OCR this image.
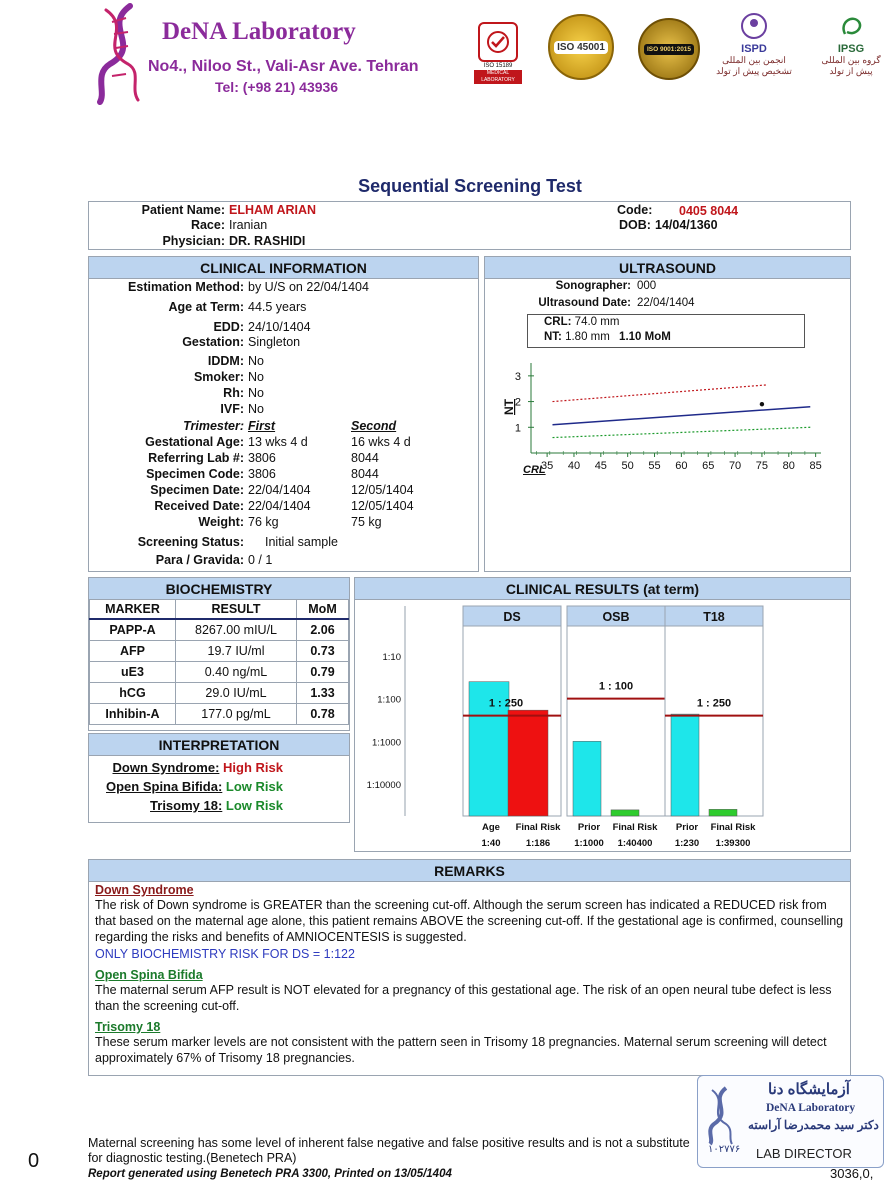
DeNA Laboratory
No4., Niloo St., Vali-Asr Ave. Tehran
Tel: (+98 21) 43936
ISO 15189
MEDICAL LABORATORY
ISO 45001	ISO 9001:2015	ISPD
انجمن بین المللی تشخیص پیش از تولد
IPSG
گروه بین المللی پیش از تولد
Sequential Screening Test
Patient Name: ELHAM ARIAN
Race: Iranian
Physician: DR. RASHIDI
Code: 0405 8044
DOB: 14/04/1360
CLINICAL INFORMATION
Estimation Method: by U/S on 22/04/1404
Age at Term: 44.5 years
EDD: 24/10/1404
Gestation: Singleton
IDDM: No
Smoker: No
Rh: No
IVF: No
Trimester: First	Second
Gestational Age: 13 wks 4 d	16 wks 4 d
Referring Lab #: 3806	8044
Specimen Code: 3806	8044
Specimen Date: 22/04/1404	12/05/1404
Received Date: 22/04/1404	12/05/1404
Weight: 76 kg	75 kg
Screening Status: Initial sample
Para / Gravida: 0 / 1
ULTRASOUND
Sonographer: 000
Ultrasound Date: 22/04/1404
CRL: 74.0 mm
NT: 1.80 mm 1.10 MoM
1
2
3
35 40 45 50 55 60 65 70 75 80 85
NT
CRL
BIOCHEMISTRY
MARKER	RESULT	MoM
PAPP-A	8267.00 mIU/L	2.06
AFP	19.7 IU/ml	0.73
uE3	0.40 ng/mL	0.79
hCG	29.0 IU/mL	1.33
Inhibin-A	177.0 pg/mL	0.78
INTERPRETATION
Down Syndrome: High Risk
Open Spina Bifida: Low Risk
Trisomy 18: Low Risk
CLINICAL RESULTS (at term)
1:10
1:100
1:1000
1:10000
DS
Age
1:40
Final Risk
1:186
1 : 250
OSB
Prior
1:1000
Final Risk
1:40400
1 : 100
T18
Prior
1:230
Final Risk
1:39300
1 : 250
REMARKS
Down Syndrome
The risk of Down syndrome is GREATER than the screening cut-off. Although the serum screen has indicated a REDUCED risk from that based on the maternal age alone, this patient remains ABOVE the screening cut-off. If the gestational age is confirmed, counselling regarding the risks and benefits of AMNIOCENTESIS is suggested.
ONLY BIOCHEMISTRY RISK FOR DS = 1:122
Open Spina Bifida
The maternal serum AFP result is NOT elevated for a pregnancy of this gestational age. The risk of an open neural tube defect is less than the screening cut-off.
Trisomy 18
These serum marker levels are not consistent with the pattern seen in Trisomy 18 pregnancies. Maternal serum screening will detect approximately 67% of Trisomy 18 pregnancies.
0
Maternal screening has some level of inherent false negative and false positive results and is not a substitute for diagnostic testing.(Benetech PRA)
Report generated using Benetech PRA 3300, Printed on 13/05/1404
آزمایشگاه دنا
DeNA Laboratory
دکتر سید محمدرضا آراسته
۱۰۲۷۷۶ LAB DIRECTOR
3036,0,
